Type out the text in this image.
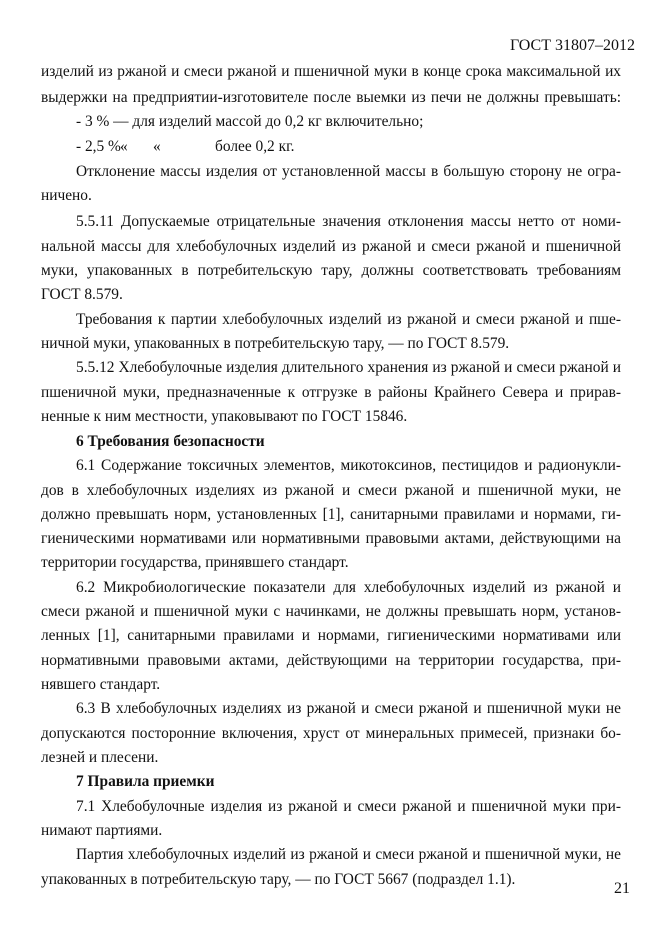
ГОСТ 31807–2012
изделий из ржаной и смеси ржаной и пшеничной муки в конце срока максимальной их
выдержки на предприятии-изготовителе после выемки из печи не должны превышать:
- 3 % — для изделий массой до 0,2 кг включительно;
- 2,5 %« «	более 0,2 кг.
Отклонение массы изделия от установленной массы в большую сторону не огра-
ничено.
5.5.11 Допускаемые отрицательные значения отклонения массы нетто от номи-
нальной массы для хлебобулочных изделий из ржаной и смеси ржаной и пшеничной
муки, упакованных в потребительскую тару, должны соответствовать требованиям
ГОСТ 8.579.
Требования к партии хлебобулочных изделий из ржаной и смеси ржаной и пше-
ничной муки, упакованных в потребительскую тару, — по ГОСТ 8.579.
5.5.12 Хлебобулочные изделия длительного хранения из ржаной и смеси ржаной и
пшеничной муки, предназначенные к отгрузке в районы Крайнего Севера и прирав-
ненные к ним местности, упаковывают по ГОСТ 15846.
6 Требования безопасности
6.1 Содержание токсичных элементов, микотоксинов, пестицидов и радионукли-
дов в хлебобулочных изделиях из ржаной и смеси ржаной и пшеничной муки, не
должно превышать норм, установленных [1], санитарными правилами и нормами, ги-
гиеническими нормативами или нормативными правовыми актами, действующими на
территории государства, принявшего стандарт.
6.2 Микробиологические показатели для хлебобулочных изделий из ржаной и
смеси ржаной и пшеничной муки с начинками, не должны превышать норм, установ-
ленных [1], санитарными правилами и нормами, гигиеническими нормативами или
нормативными правовыми актами, действующими на территории государства, при-
нявшего стандарт.
6.3 В хлебобулочных изделиях из ржаной и смеси ржаной и пшеничной муки не
допускаются посторонние включения, хруст от минеральных примесей, признаки бо-
лезней и плесени.
7 Правила приемки
7.1 Хлебобулочные изделия из ржаной и смеси ржаной и пшеничной муки при-
нимают партиями.
Партия хлебобулочных изделий из ржаной и смеси ржаной и пшеничной муки, не
упакованных в потребительскую тару, — по ГОСТ 5667 (подраздел 1.1).
21
